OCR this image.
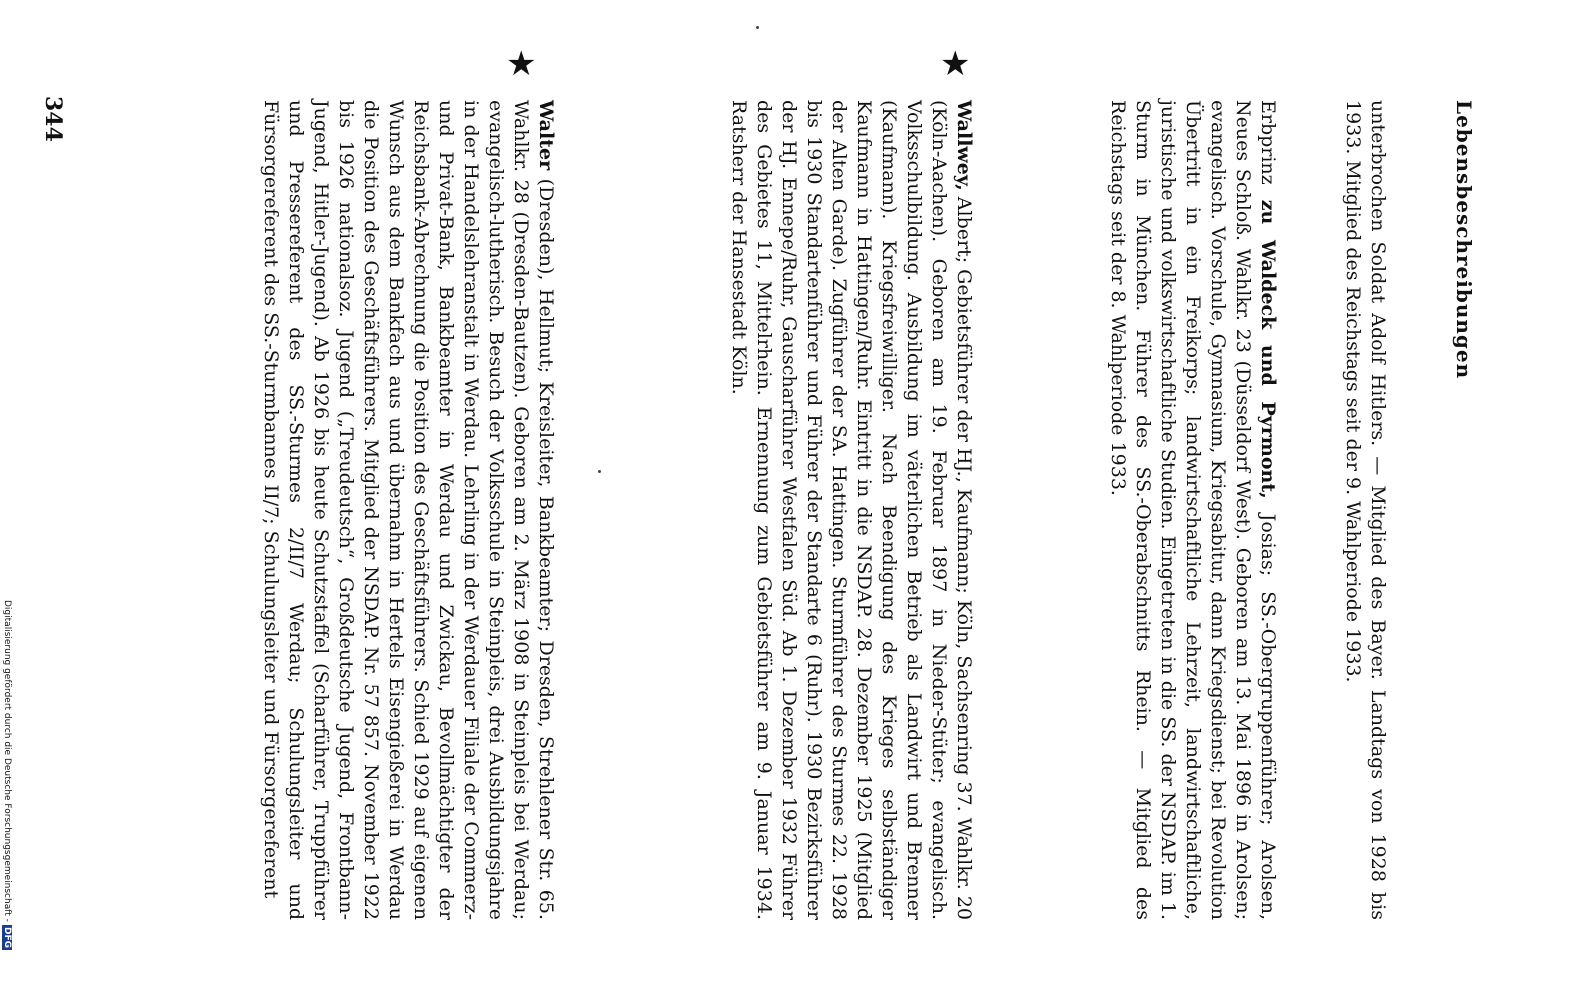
Lebensbeschreibungen
unterbrochen Soldat Adolf Hitlers. — Mitglied des Bayer. Landtags von 1928 bis 1933. Mitglied des Reichstags seit der 9. Wahlperiode 1933.
★
★
Erbprinz zu Waldeck und Pyrmont, Josias; SS.-Obergruppenführer; Arolsen, Neues Schloß. Wahlkr. 23 (Düsseldorf West). Geboren am 13. Mai 1896 in Arolsen; evangelisch. Vorschule, Gymnasium, Kriegsabitur, dann Kriegsdienst; bei Revolution Übertritt in ein Freikorps; landwirtschaftliche Lehrzeit, landwirtschaftliche, juristische und volkswirtschaftliche Studien. Eingetreten in die SS. der NSDAP. im 1. Sturm in München. Führer des SS.-Oberabschnitts Rhein. — Mitglied des Reichstags seit der 8. Wahlperiode 1933.
Wallwey, Albert; Gebietsführer der HJ., Kaufmann; Köln, Sachsenring 37. Wahlkr. 20 (Köln-Aachen). Geboren am 19. Februar 1897 in Nieder-Stüter; evangelisch. Volksschulbildung. Ausbildung im väterlichen Betrieb als Landwirt und Brenner (Kaufmann). Kriegsfreiwilliger. Nach Beendigung des Krieges selbständiger Kaufmann in Hattingen/Ruhr. Eintritt in die NSDAP. 28. Dezember 1925 (Mitglied der Alten Garde). Zugführer der SA. Hattingen. Sturmführer des Sturmes 22. 1928 bis 1930 Standartenführer und Führer der Standarte 6 (Ruhr). 1930 Bezirksführer der HJ. Ennepe/Ruhr, Gauscharführer Westfalen Süd. Ab 1. Dezember 1932 Führer des Gebietes 11, Mittelrhein. Ernennung zum Gebietsführer am 9. Januar 1934. Ratsherr der Hansestadt Köln.
Walter (Dresden), Hellmut; Kreisleiter, Bankbeamter; Dresden, Strehlener Str. 65. Wahlkr. 28 (Dresden-Bautzen). Geboren am 2. März 1908 in Steinpleis bei Werdau; evangelisch-lutherisch. Besuch der Volksschule in Steinpleis, drei Ausbildungsjahre in der Handelslehranstalt in Werdau. Lehrling in der Werdauer Filiale der Commerz- und Privat-Bank, Bankbeamter in Werdau und Zwickau, Bevollmächtigter der Reichsbank-Abrechnung die Position des Geschäftsführers. Schied 1929 auf eigenen Wunsch aus dem Bankfach aus und übernahm in Hertels Eisengießerei in Werdau die Position des Geschäftsführers. Mitglied der NSDAP. Nr. 57 857. November 1922 bis 1926 nationalsoz. Jugend („Treudeutsch“, Großdeutsche Jugend, Frontbann-Jugend, Hitler-Jugend). Ab 1926 bis heute Schutzstaffel (Scharführer, Truppführer und Pressereferent des SS.-Sturmes 2/II/7 Werdau; Schulungsleiter und Fürsorgereferent des SS.-Sturmbannes II/7; Schulungsleiter und Fürsorgereferent
344
Digitalisierung gefördert durch die Deutsche Forschungsgemeinschaft - DFG
